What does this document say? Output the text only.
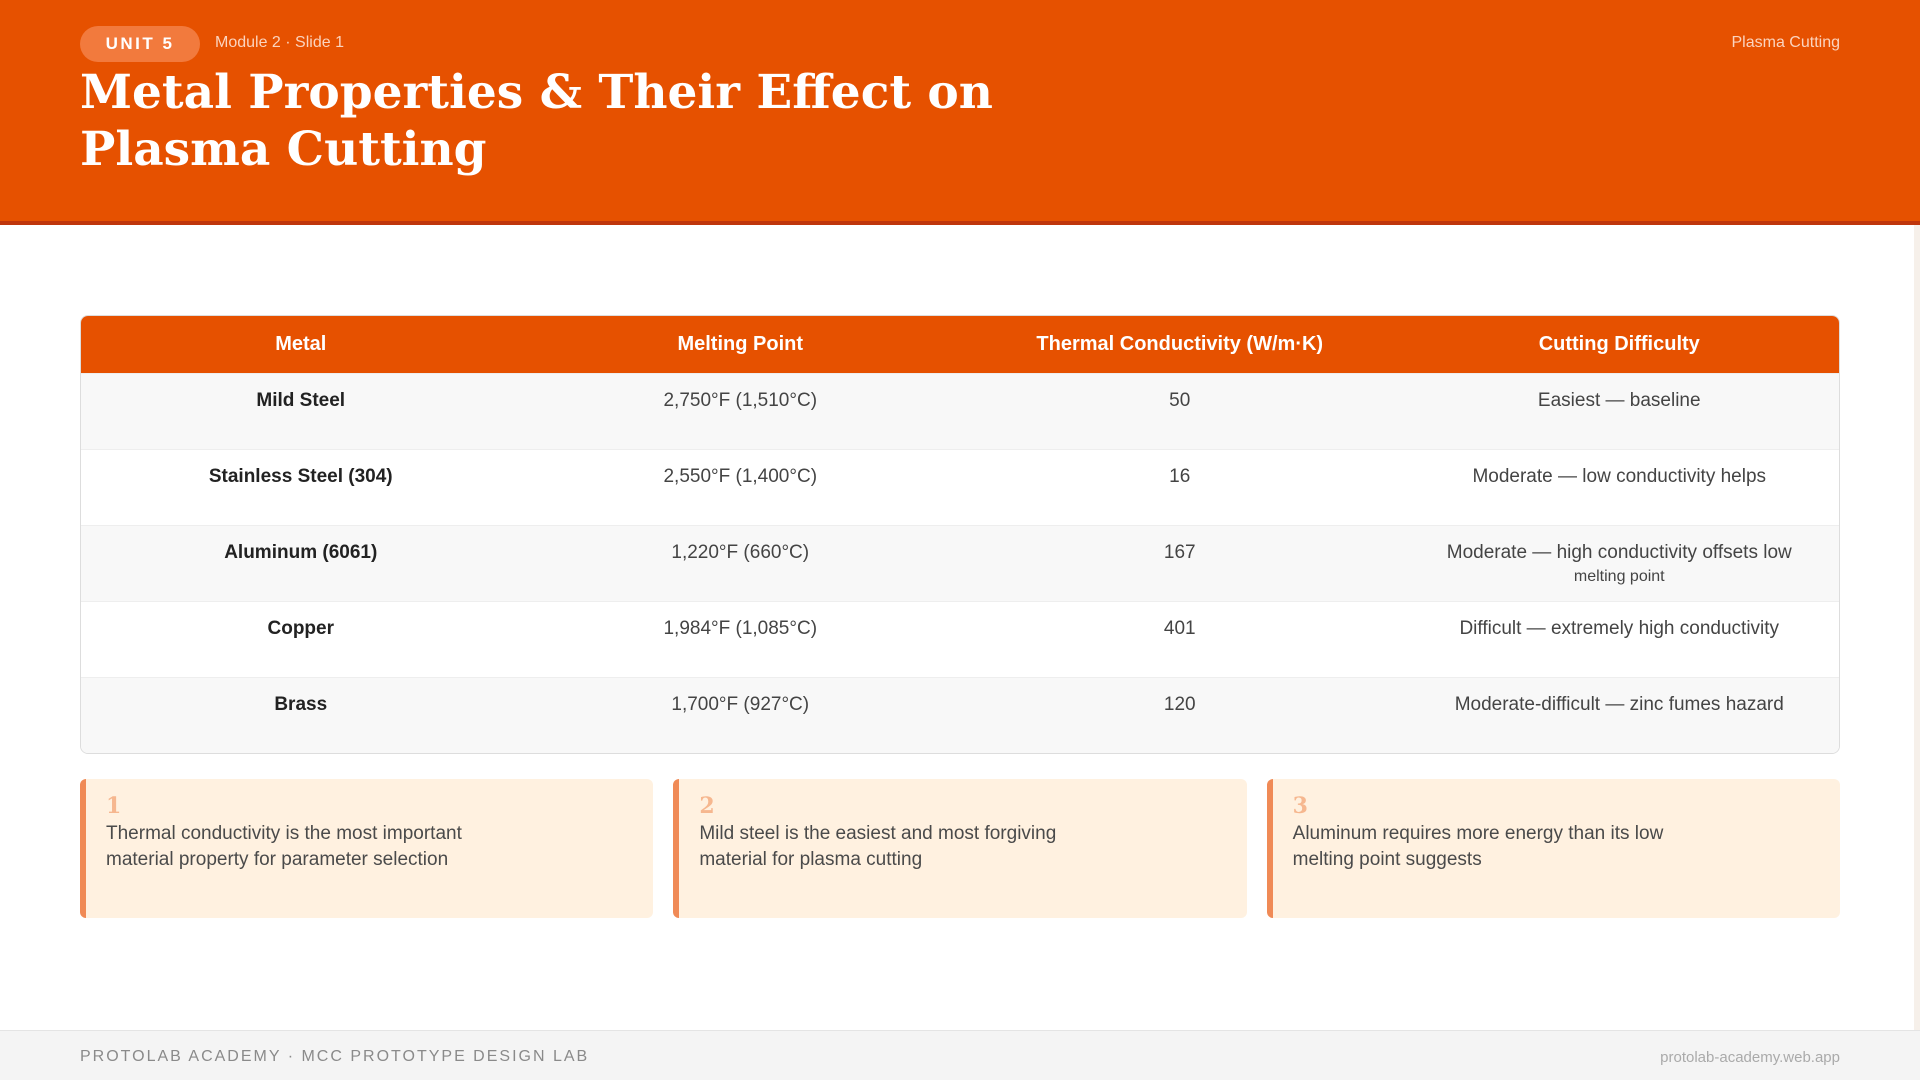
UNIT 5	Module 2 · Slide 1	Plasma Cutting
Metal Properties & Their Effect on Plasma Cutting
Metal	Melting Point	Thermal Conductivity (W/m·K)	Cutting Difficulty
Mild Steel	2,750°F (1,510°C)	50	Easiest — baseline
Stainless Steel (304)	2,550°F (1,400°C)	16	Moderate — low conductivity helps
Aluminum (6061)	1,220°F (660°C)	167	Moderate — high conductivity offsets low
melting point

Copper	1,984°F (1,085°C)	401	Difficult — extremely high conductivity
Brass	1,700°F (927°C)	120	Moderate-difficult — zinc fumes hazard
1
Thermal conductivity is the most important material property for parameter selection
2
Mild steel is the easiest and most forgiving material for plasma cutting
3
Aluminum requires more energy than its low melting point suggests
PROTOLAB ACADEMY · MCC PROTOTYPE DESIGN LAB	protolab-academy.web.app
